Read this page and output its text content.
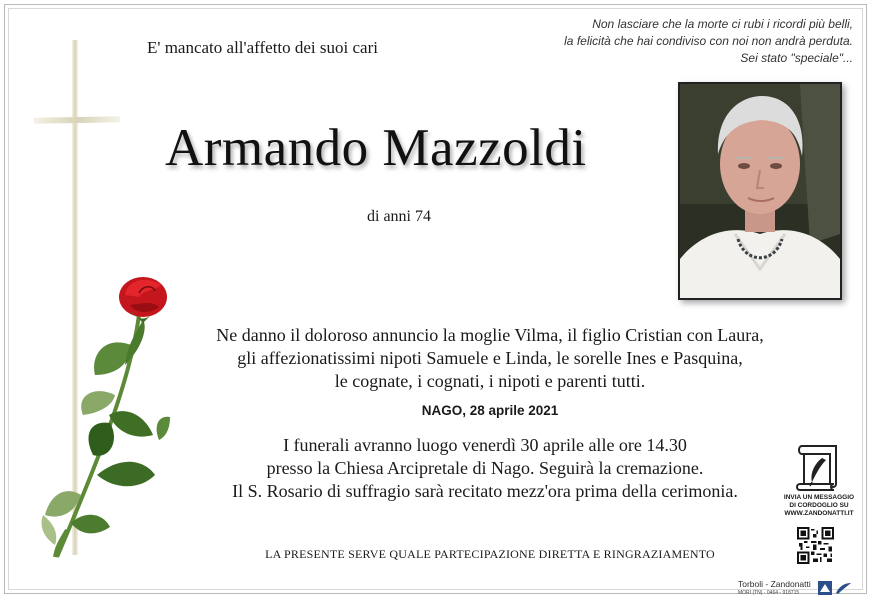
E' mancato all'affetto dei suoi cari
Non lasciare che la morte ci rubi i ricordi più belli,
la felicità che hai condiviso con noi non andrà perduta.
Sei stato "speciale"...
Armando Mazzoldi
di anni 74
Ne danno il doloroso annuncio la moglie Vilma, il figlio Cristian con Laura,
gli affezionatissimi nipoti Samuele e Linda, le sorelle Ines e Pasquina,
le cognate, i cognati, i nipoti e parenti tutti.
NAGO, 28 aprile 2021
I funerali avranno luogo venerdì 30 aprile alle ore 14.30
presso la Chiesa Arcipretale di Nago. Seguirà la cremazione.
Il S. Rosario di suffragio sarà recitato mezz'ora prima della cerimonia.
LA PRESENTE SERVE QUALE PARTECIPAZIONE DIRETTA E RINGRAZIAMENTO
INVIA UN MESSAGGIO
DI CORDOGLIO SU
WWW.ZANDONATTI.IT
Torboli - Zandonatti
MORI (TN) · 0464 - 918715
